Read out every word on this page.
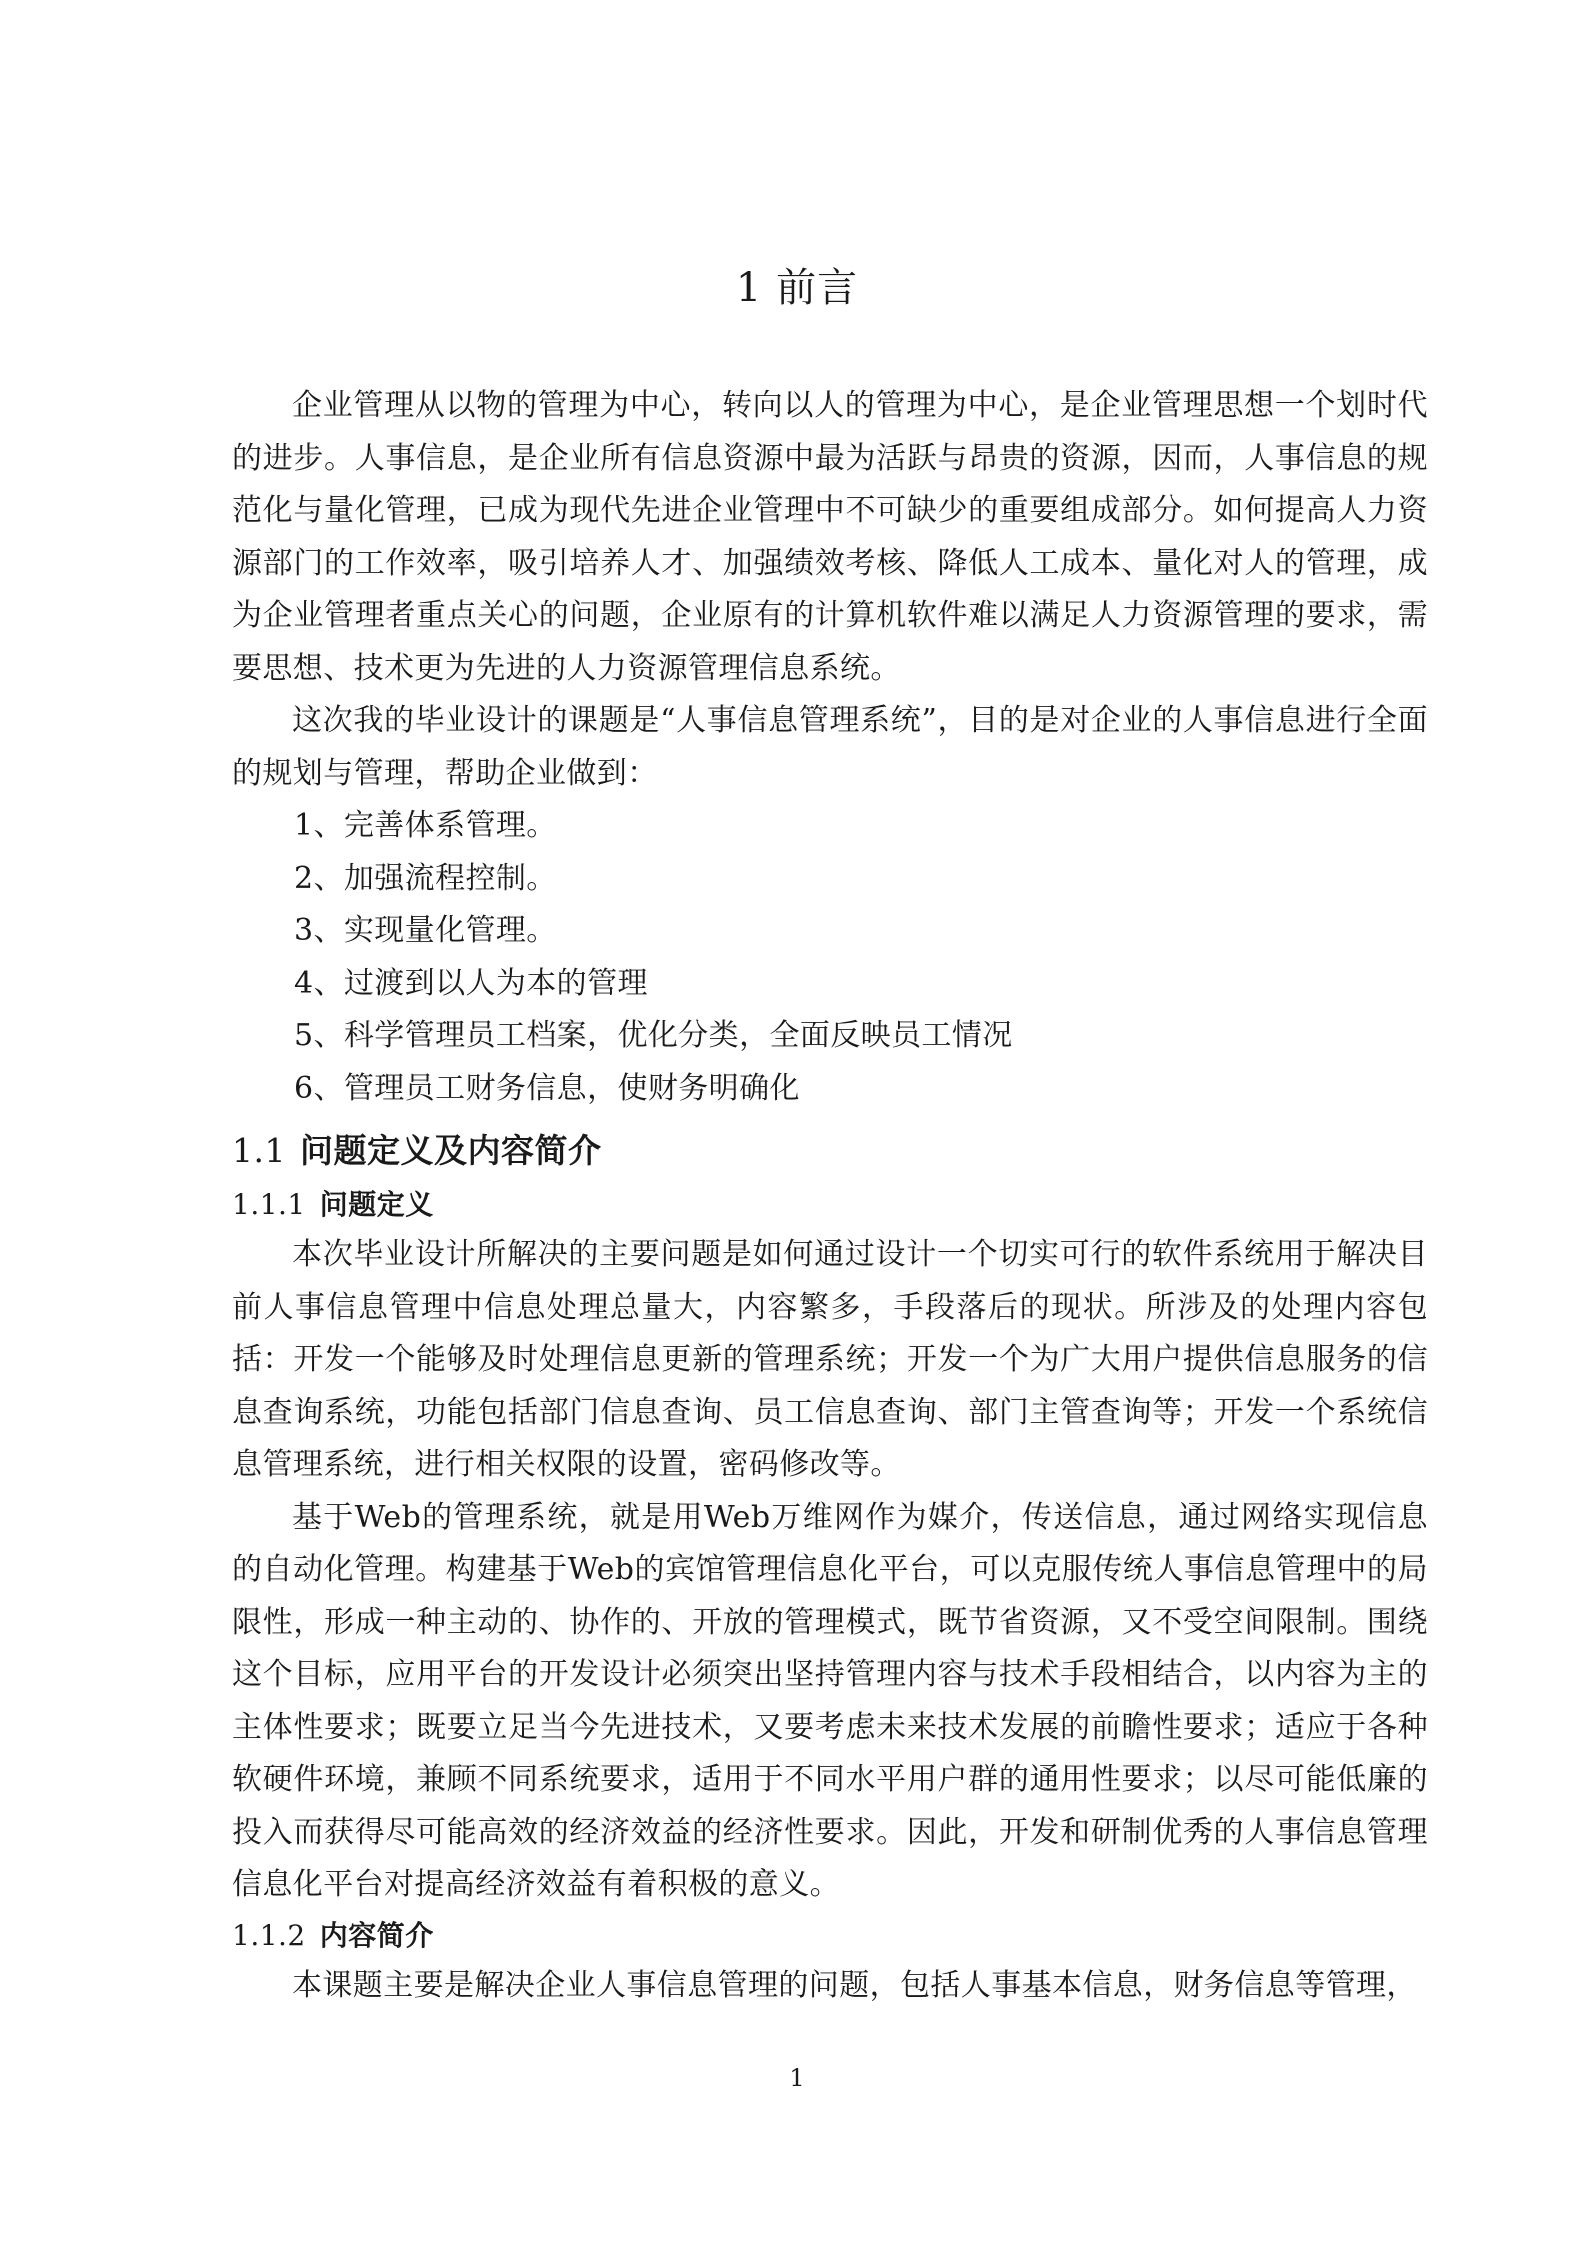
1 前言

企业管理从以物的管理为中心，转向以人的管理为中心，是企业管理思想一个划时代的进步。人事信息，是企业所有信息资源中最为活跃与昂贵的资源，因而，人事信息的规范化与量化管理，已成为现代先进企业管理中不可缺少的重要组成部分。如何提高人力资源部门的工作效率，吸引培养人才、加强绩效考核、降低人工成本、量化对人的管理，成为企业管理者重点关心的问题，企业原有的计算机软件难以满足人力资源管理的要求，需要思想、技术更为先进的人力资源管理信息系统。

这次我的毕业设计的课题是“人事信息管理系统”，目的是对企业的人事信息进行全面的规划与管理，帮助企业做到：

1、完善体系管理。

2、加强流程控制。

3、实现量化管理。

4、过渡到以人为本的管理

5、科学管理员工档案，优化分类，全面反映员工情况

6、管理员工财务信息，使财务明确化

1.1 问题定义及内容简介
1.1.1 问题定义

本次毕业设计所解决的主要问题是如何通过设计一个切实可行的软件系统用于解决目前人事信息管理中信息处理总量大，内容繁多，手段落后的现状。所涉及的处理内容包括：开发一个能够及时处理信息更新的管理系统；开发一个为广大用户提供信息服务的信息查询系统，功能包括部门信息查询、员工信息查询、部门主管查询等；开发一个系统信息管理系统，进行相关权限的设置，密码修改等。

基于Web的管理系统，就是用Web万维网作为媒介，传送信息，通过网络实现信息的自动化管理。构建基于Web的宾馆管理信息化平台，可以克服传统人事信息管理中的局限性，形成一种主动的、协作的、开放的管理模式，既节省资源，又不受空间限制。围绕这个目标，应用平台的开发设计必须突出坚持管理内容与技术手段相结合，以内容为主的主体性要求；既要立足当今先进技术，又要考虑未来技术发展的前瞻性要求；适应于各种软硬件环境，兼顾不同系统要求，适用于不同水平用户群的通用性要求；以尽可能低廉的投入而获得尽可能高效的经济效益的经济性要求。因此，开发和研制优秀的人事信息管理信息化平台对提高经济效益有着积极的意义。

1.1.2 内容简介

本课题主要是解决企业人事信息管理的问题，包括人事基本信息，财务信息等管理，

1
